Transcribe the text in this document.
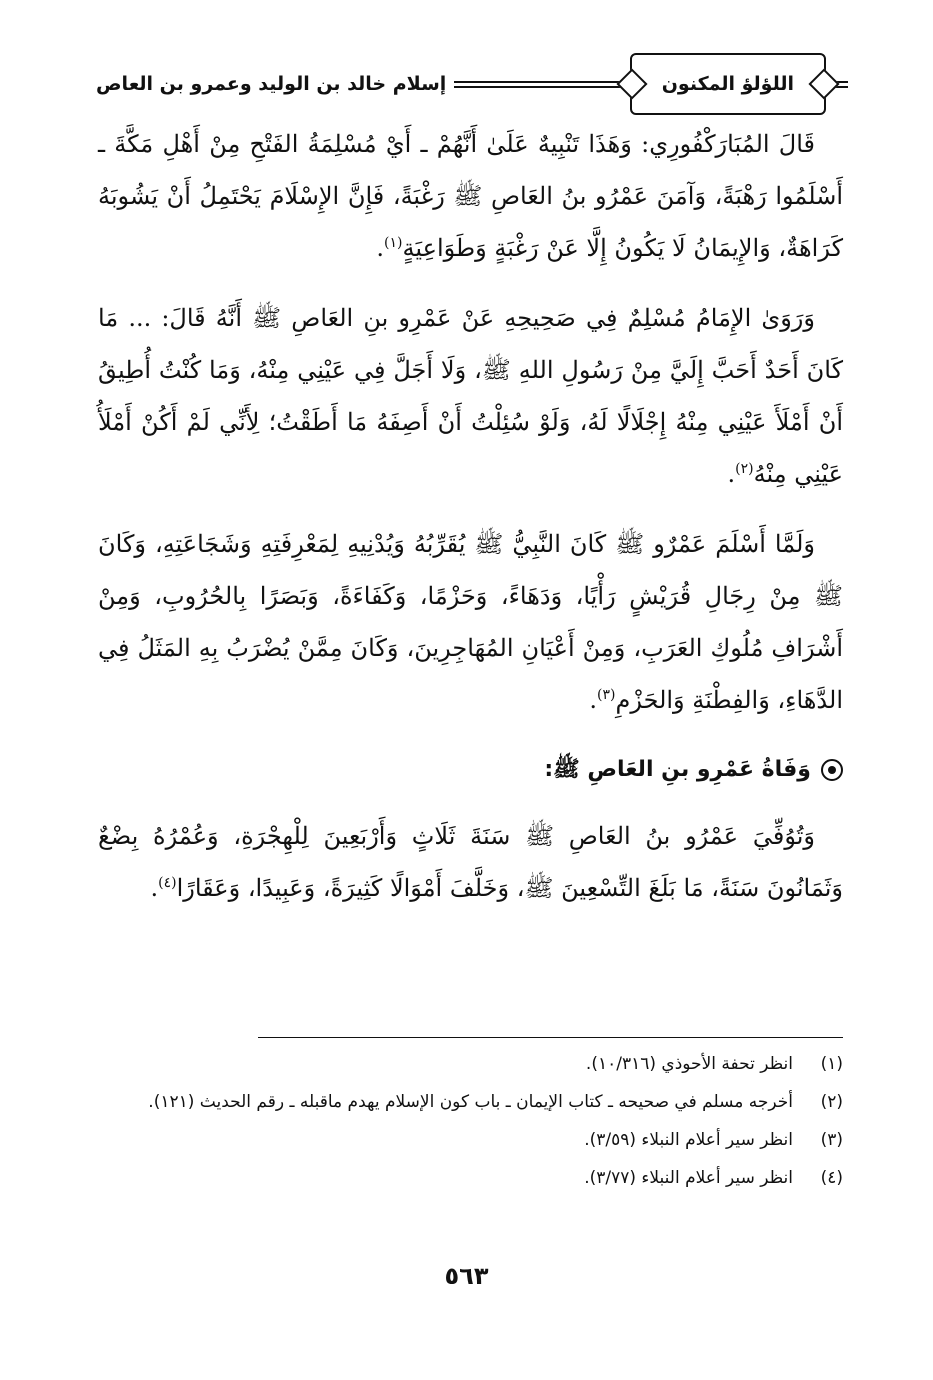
اللؤلؤ المكنون
إسلام خالد بن الوليد وعمرو بن العاص

قَالَ المُبَارَكْفُورِي: وَهَذَا تَنْبِيهٌ عَلَىٰ أَنَّهُمْ ـ أَيْ مُسْلِمَةُ الفَتْحِ مِنْ أَهْلِ مَكَّةَ ـ أَسْلَمُوا رَهْبَةً، وَآمَنَ عَمْرُو بنُ العَاصِ ﷺ رَغْبَةً، فَإِنَّ الإِسْلَامَ يَحْتَمِلُ أَنْ يَشُوبَهُ كَرَاهَةٌ، وَالإِيمَانُ لَا يَكُونُ إِلَّا عَنْ رَغْبَةٍ وَطَوَاعِيَةٍ$^{(١)}$.

وَرَوَىٰ الإِمَامُ مُسْلِمٌ فِي صَحِيحِهِ عَنْ عَمْرِو بنِ العَاصِ ﷺ أَنَّهُ قَالَ: ... مَا كَانَ أَحَدٌ أَحَبَّ إِلَيَّ مِنْ رَسُولِ اللهِ ﷺ، وَلَا أَجَلَّ فِي عَيْنِي مِنْهُ، وَمَا كُنْتُ أُطِيقُ أَنْ أَمْلَأَ عَيْنِي مِنْهُ إِجْلَالًا لَهُ، وَلَوْ سُئِلْتُ أَنْ أَصِفَهُ مَا أَطَقْتُ؛ لِأَنِّي لَمْ أَكُنْ أَمْلَأُ عَيْنِي مِنْهُ$^{(٢)}$.

وَلَمَّا أَسْلَمَ عَمْرٌو ﷺ كَانَ النَّبِيُّ ﷺ يُقَرِّبُهُ وَيُدْنِيهِ لِمَعْرِفَتِهِ وَشَجَاعَتِهِ، وَكَانَ ﷺ مِنْ رِجَالِ قُرَيْشٍ رَأْيًا، وَدَهَاءً، وَحَزْمًا، وَكَفَاءَةً، وَبَصَرًا بِالحُرُوبِ، وَمِنْ أَشْرَافِ مُلُوكِ العَرَبِ، وَمِنْ أَعْيَانِ المُهَاجِرِينَ، وَكَانَ مِمَّنْ يُضْرَبُ بِهِ المَثَلُ فِي الدَّهَاءِ، وَالفِطْنَةِ وَالحَزْمِ$^{(٣)}$.

وَفَاةُ عَمْرِو بنِ العَاصِ ﷺ:

وَتُوُفِّيَ عَمْرُو بنُ العَاصِ ﷺ سَنَةَ ثَلَاثٍ وَأَرْبَعِينَ لِلْهِجْرَةِ، وَعُمْرُهُ بِضْعٌ وَثَمَانُونَ سَنَةً، مَا بَلَغَ التِّسْعِينَ ﷺ، وَخَلَّفَ أَمْوَالًا كَثِيرَةً، وَعَبِيدًا، وَعَقَارًا$^{(٤)}$.

(١)
انظر تحفة الأحوذي (١٠/٣١٦).
(٢)
أخرجه مسلم في صحيحه ـ كتاب الإيمان ـ باب كون الإسلام يهدم ماقبله ـ رقم الحديث (١٢١).
(٣)
انظر سير أعلام النبلاء (٣/٥٩).
(٤)
انظر سير أعلام النبلاء (٣/٧٧).
٥٦٣
